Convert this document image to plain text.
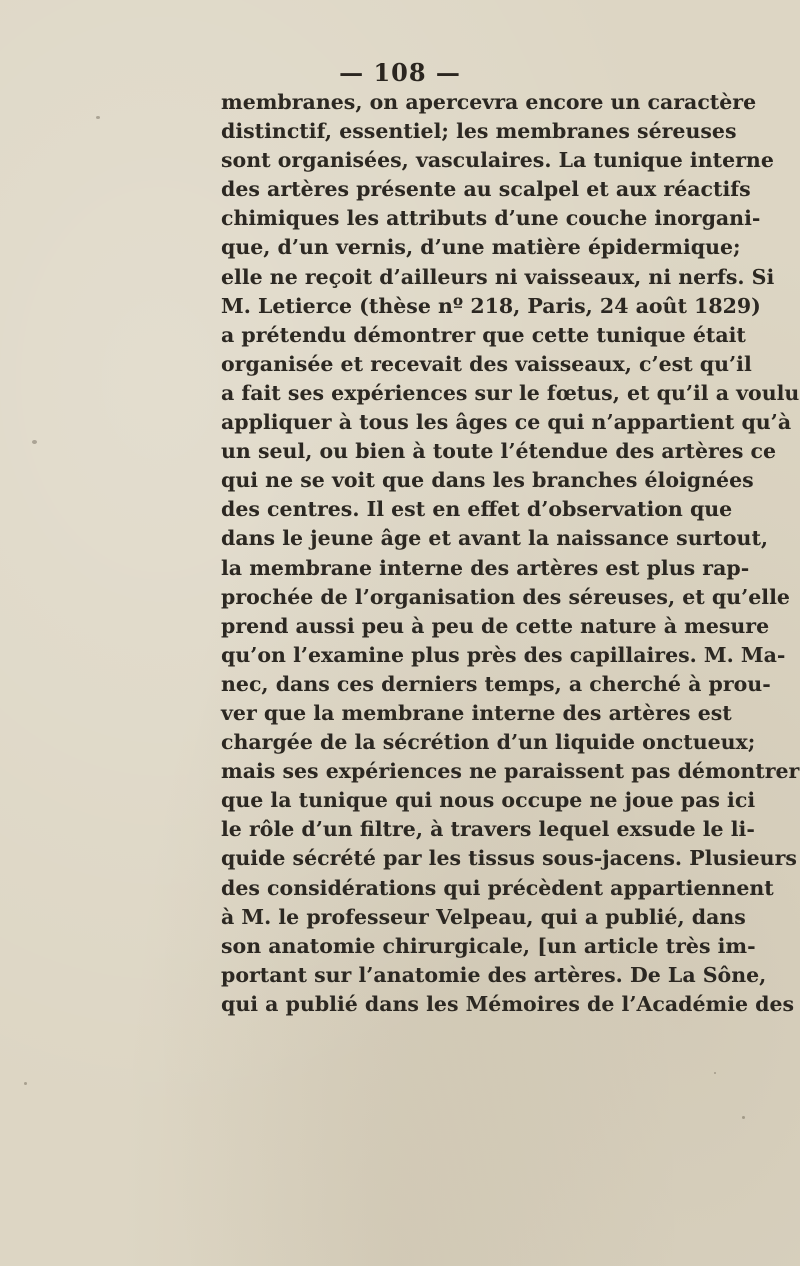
— 108 —
membranes, on apercevra encore un caractère
distinctif, essentiel; les membranes séreuses
sont organisées, vasculaires. La tunique interne
des artères présente au scalpel et aux réactifs
chimiques les attributs d’une couche inorgani-
que, d’un vernis, d’une matière épidermique;
elle ne reçoit d’ailleurs ni vaisseaux, ni nerfs. Si
M. Letierce (thèse nº 218, Paris, 24 août 1829)
a prétendu démontrer que cette tunique était
organisée et recevait des vaisseaux, c’est qu’il
a fait ses expériences sur le fœtus, et qu’il a voulu
appliquer à tous les âges ce qui n’appartient qu’à
un seul, ou bien à toute l’étendue des artères ce
qui ne se voit que dans les branches éloignées
des centres. Il est en effet d’observation que
dans le jeune âge et avant la naissance surtout,
la membrane interne des artères est plus rap-
prochée de l’organisation des séreuses, et qu’elle
prend aussi peu à peu de cette nature à mesure
qu’on l’examine plus près des capillaires. M. Ma-
nec, dans ces derniers temps, a cherché à prou-
ver que la membrane interne des artères est
chargée de la sécrétion d’un liquide onctueux;
mais ses expériences ne paraissent pas démontrer
que la tunique qui nous occupe ne joue pas ici
le rôle d’un filtre, à travers lequel exsude le li-
quide sécrété par les tissus sous-jacens. Plusieurs
des considérations qui précèdent appartiennent
à M. le professeur Velpeau, qui a publié, dans
son anatomie chirurgicale, [un article très im-
portant sur l’anatomie des artères. De La Sône,
qui a publié dans les Mémoires de l’Académie des
